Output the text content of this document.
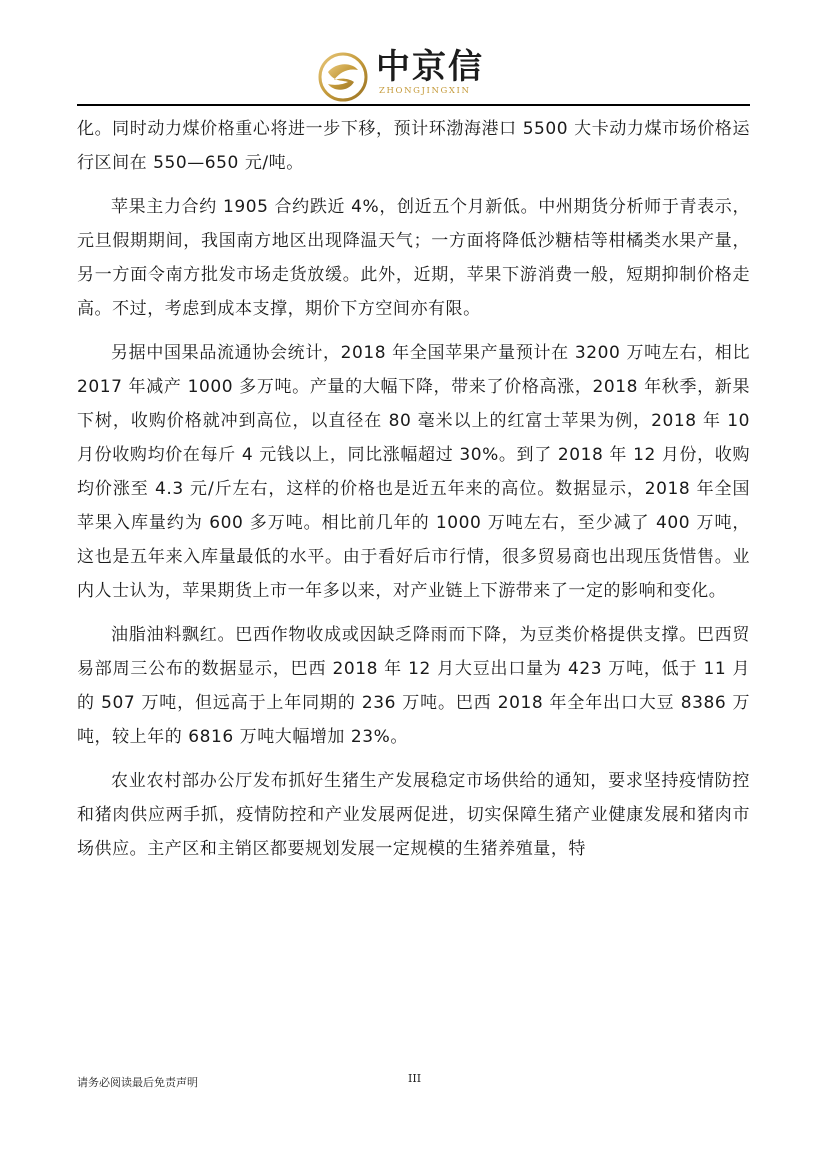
中京信
ZHONGJINGXIN

化。同时动力煤价格重心将进一步下移，预计环渤海港口 5500 大卡动力煤市场价格运行区间在 550—650 元/吨。

苹果主力合约 1905 合约跌近 4%，创近五个月新低。中州期货分析师于青表示，元旦假期期间，我国南方地区出现降温天气；一方面将降低沙糖桔等柑橘类水果产量，另一方面令南方批发市场走货放缓。此外，近期，苹果下游消费一般，短期抑制价格走高。不过，考虑到成本支撑，期价下方空间亦有限。

另据中国果品流通协会统计，2018 年全国苹果产量预计在 3200 万吨左右，相比 2017 年减产 1000 多万吨。产量的大幅下降，带来了价格高涨，2018 年秋季，新果下树，收购价格就冲到高位，以直径在 80 毫米以上的红富士苹果为例，2018 年 10 月份收购均价在每斤 4 元钱以上，同比涨幅超过 30%。到了 2018 年 12 月份，收购均价涨至 4.3 元/斤左右，这样的价格也是近五年来的高位。数据显示，2018 年全国苹果入库量约为 600 多万吨。相比前几年的 1000 万吨左右，至少减了 400 万吨，这也是五年来入库量最低的水平。由于看好后市行情，很多贸易商也出现压货惜售。业内人士认为，苹果期货上市一年多以来，对产业链上下游带来了一定的影响和变化。

油脂油料飘红。巴西作物收成或因缺乏降雨而下降，为豆类价格提供支撑。巴西贸易部周三公布的数据显示，巴西 2018 年 12 月大豆出口量为 423 万吨，低于 11 月的 507 万吨，但远高于上年同期的 236 万吨。巴西 2018 年全年出口大豆 8386 万吨，较上年的 6816 万吨大幅增加 23%。

农业农村部办公厅发布抓好生猪生产发展稳定市场供给的通知，要求坚持疫情防控和猪肉供应两手抓，疫情防控和产业发展两促进，切实保障生猪产业健康发展和猪肉市场供应。主产区和主销区都要规划发展一定规模的生猪养殖量，特

请务必阅读最后免责声明	III
